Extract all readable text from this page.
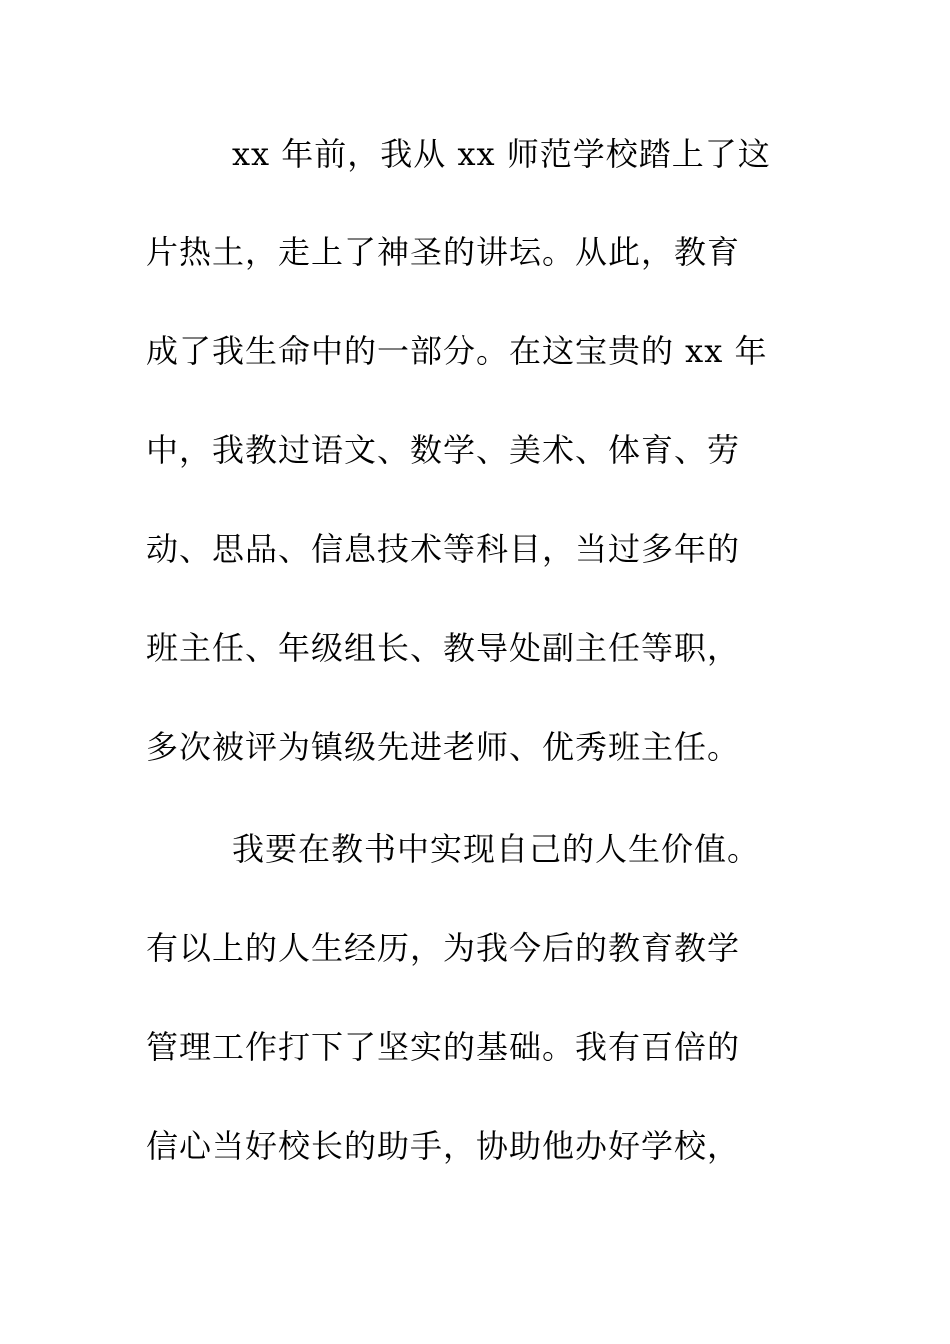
xx 年前，我从 xx 师范学校踏上了这
片热土，走上了神圣的讲坛。从此，教育
成了我生命中的一部分。在这宝贵的 xx 年
中，我教过语文、数学、美术、体育、劳
动、思品、信息技术等科目，当过多年的
班主任、年级组长、教导处副主任等职，
多次被评为镇级先进老师、优秀班主任。
我要在教书中实现自己的人生价值。
有以上的人生经历，为我今后的教育教学
管理工作打下了坚实的基础。我有百倍的
信心当好校长的助手，协助他办好学校，
